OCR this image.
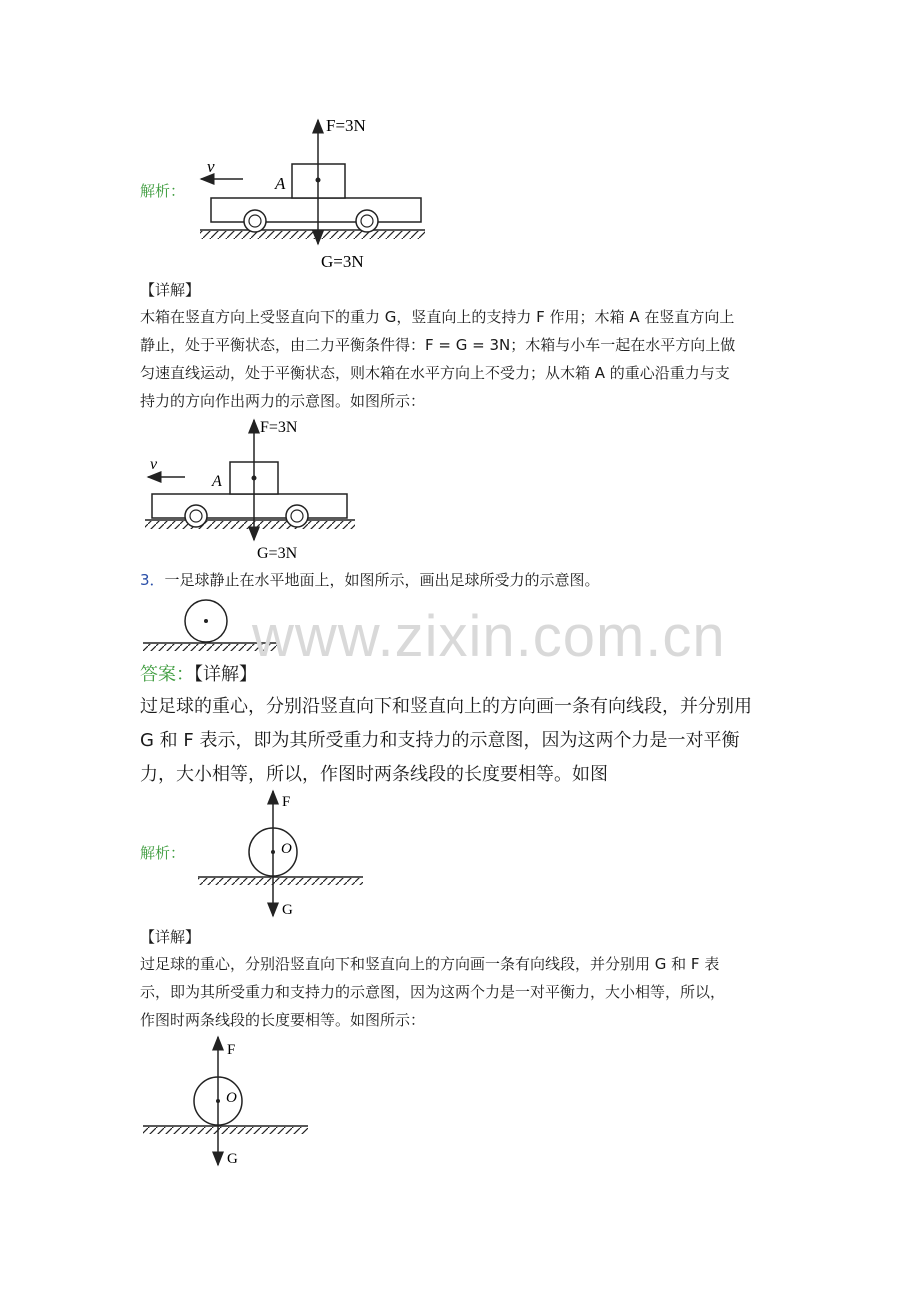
解析：
v
A
F=3N
G=3N
【详解】
木箱在竖直方向上受竖直向下的重力 G，竖直向上的支持力 F 作用；木箱 A 在竖直方向上
静止，处于平衡状态，由二力平衡条件得：F = G = 3N；木箱与小车一起在水平方向上做
匀速直线运动，处于平衡状态，则木箱在水平方向上不受力；从木箱 A 的重心沿重力与支
持力的方向作出两力的示意图。如图所示：
v
A
F=3N
G=3N
3．一足球静止在水平地面上，如图所示，画出足球所受力的示意图。
www.zixin.com.cn
答案：【详解】
过足球的重心，分别沿竖直向下和竖直向上的方向画一条有向线段，并分别用
G 和 F 表示，即为其所受重力和支持力的示意图，因为这两个力是一对平衡
力，大小相等，所以，作图时两条线段的长度要相等。如图
解析：
F
O
G
【详解】
过足球的重心，分别沿竖直向下和竖直向上的方向画一条有向线段，并分别用 G 和 F 表
示，即为其所受重力和支持力的示意图，因为这两个力是一对平衡力，大小相等，所以，
作图时两条线段的长度要相等。如图所示：
F
O
G
